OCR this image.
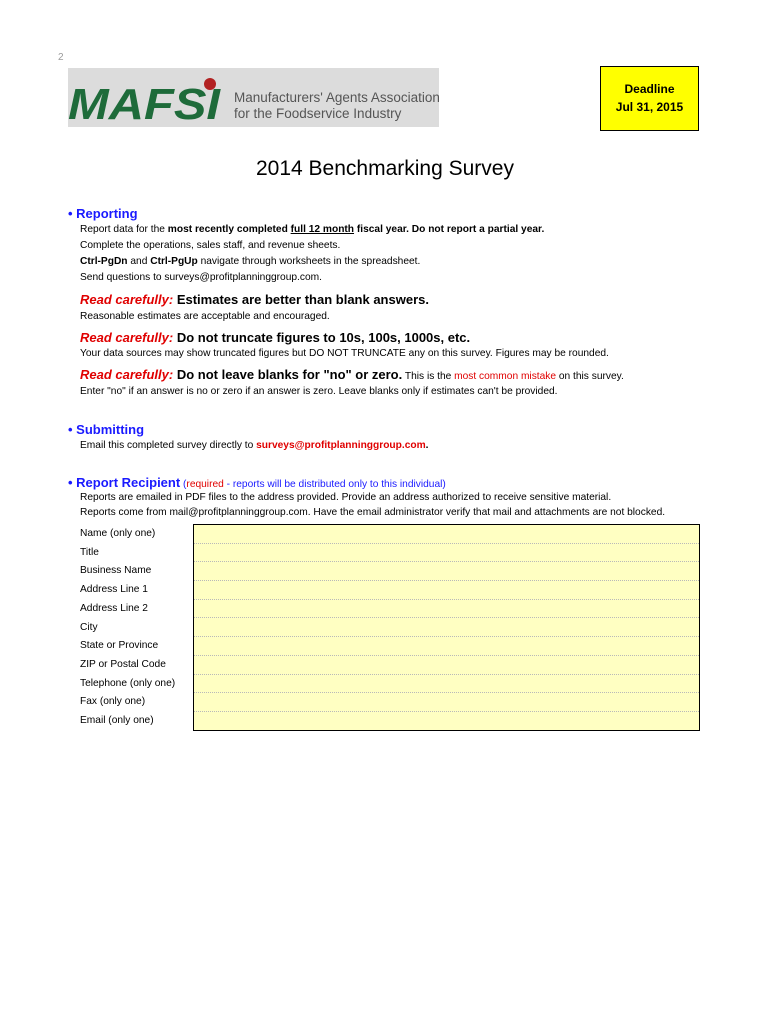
2
MAFSI Manufacturers' Agents Association
for the Foodservice Industry
Deadline
Jul 31, 2015
2014 Benchmarking Survey
• Reporting
Report data for the most recently completed full 12 month fiscal year. Do not report a partial year.
Complete the operations, sales staff, and revenue sheets.
Ctrl-PgDn and Ctrl-PgUp navigate through worksheets in the spreadsheet.
Send questions to surveys@profitplanninggroup.com.
Read carefully: Estimates are better than blank answers.
Reasonable estimates are acceptable and encouraged.
Read carefully: Do not truncate figures to 10s, 100s, 1000s, etc.
Your data sources may show truncated figures but DO NOT TRUNCATE any on this survey. Figures may be rounded.
Read carefully: Do not leave blanks for "no" or zero. This is the most common mistake on this survey.
Enter "no" if an answer is no or zero if an answer is zero. Leave blanks only if estimates can't be provided.
• Submitting
Email this completed survey directly to surveys@profitplanninggroup.com.
• Report Recipient (required - reports will be distributed only to this individual)
Reports are emailed in PDF files to the address provided. Provide an address authorized to receive sensitive material.
Reports come from mail@profitplanninggroup.com. Have the email administrator verify that mail and attachments are not blocked.
Name (only one)
Title
Business Name
Address Line 1
Address Line 2
City
State or Province
ZIP or Postal Code
Telephone (only one)
Fax (only one)
Email (only one)
